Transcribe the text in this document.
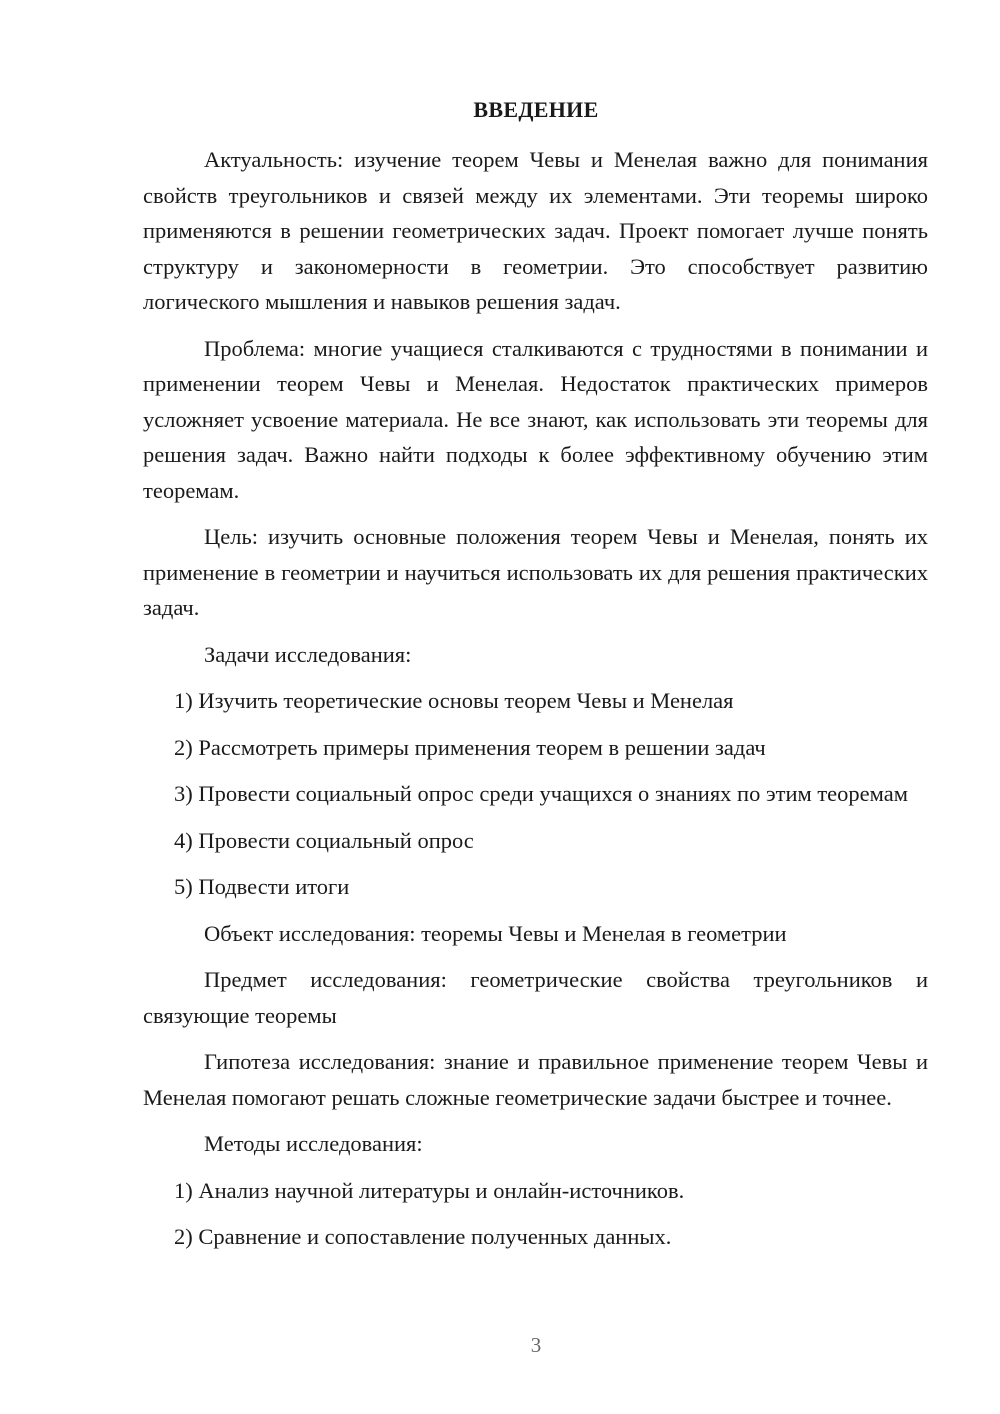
ВВЕДЕНИЕ

Актуальность: изучение теорем Чевы и Менелая важно для понимания свойств треугольников и связей между их элементами. Эти теоремы широко применяются в решении геометрических задач. Проект помогает лучше понять структуру и закономерности в геометрии. Это способствует развитию логического мышления и навыков решения задач.

Проблема: многие учащиеся сталкиваются с трудностями в понимании и применении теорем Чевы и Менелая. Недостаток практических примеров усложняет усвоение материала. Не все знают, как использовать эти теоремы для решения задач. Важно найти подходы к более эффективному обучению этим теоремам.

Цель: изучить основные положения теорем Чевы и Менелая, понять их применение в геометрии и научиться использовать их для решения практических задач.

Задачи исследования:

1) Изучить теоретические основы теорем Чевы и Менелая

2) Рассмотреть примеры применения теорем в решении задач

3) Провести социальный опрос среди учащихся о знаниях по этим теоремам

4) Провести социальный опрос

5) Подвести итоги

Объект исследования: теоремы Чевы и Менелая в геометрии

Предмет исследования: геометрические свойства треугольников и связующие теоремы

Гипотеза исследования: знание и правильное применение теорем Чевы и Менелая помогают решать сложные геометрические задачи быстрее и точнее.

Методы исследования:

1) Анализ научной литературы и онлайн-источников.

2) Сравнение и сопоставление полученных данных.

3
